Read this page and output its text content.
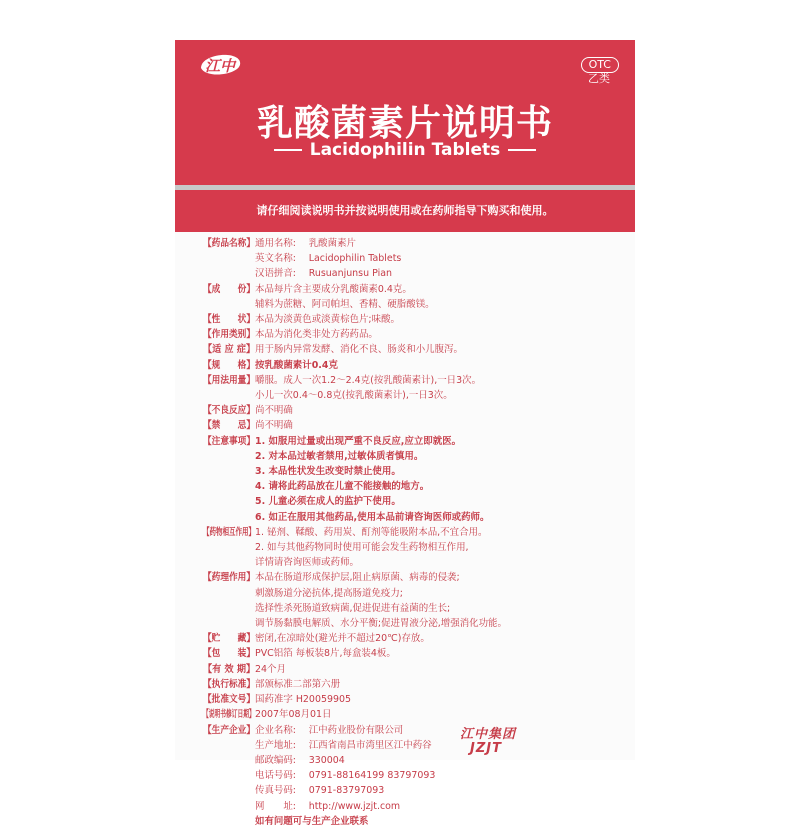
江中	OTC
乙类
乳酸菌素片说明书
Lacidophilin Tablets
请仔细阅读说明书并按说明使用或在药师指导下购买和使用。
【药品名称】 通用名称: 乳酸菌素片
英文名称: Lacidophilin Tablets
汉语拼音: Rusuanjunsu Pian
【成　　份】 本品每片含主要成分乳酸菌素0.4克。
辅料为蔗糖、阿司帕坦、香精、硬脂酸镁。
【性　　状】 本品为淡黄色或淡黄棕色片;味酸。
【作用类别】 本品为消化类非处方药药品。
【适 应 症】 用于肠内异常发酵、消化不良、肠炎和小儿腹泻。
【规　　格】 按乳酸菌素计0.4克
【用法用量】 嚼服。成人一次1.2～2.4克(按乳酸菌素计),一日3次。
小儿一次0.4～0.8克(按乳酸菌素计),一日3次。
【不良反应】 尚不明确
【禁　　忌】 尚不明确
【注意事项】 1. 如服用过量或出现严重不良反应,应立即就医。
2. 对本品过敏者禁用,过敏体质者慎用。
3. 本品性状发生改变时禁止使用。
4. 请将此药品放在儿童不能接触的地方。
5. 儿童必须在成人的监护下使用。
6. 如正在服用其他药品,使用本品前请咨询医师或药师。
【药物相互作用】 1. 铋剂、鞣酸、药用炭、酊剂等能吸附本品,不宜合用。
2. 如与其他药物同时使用可能会发生药物相互作用,
详情请咨询医师或药师。
【药理作用】 本品在肠道形成保护层,阻止病原菌、病毒的侵袭;
刺激肠道分泌抗体,提高肠道免疫力;
选择性杀死肠道致病菌,促进促进有益菌的生长;
调节肠黏膜电解质、水分平衡;促进胃液分泌,增强消化功能。
【贮　　藏】 密闭,在凉暗处(避光并不超过20℃)存放。
【包　　装】 PVC铝箔 每板装8片,每盒装4板。
【有 效 期】 24个月
【执行标准】 部颁标准二部第六册
【批准文号】 国药准字 H20059905
【说明书修订日期】 2007年08月01日
【生产企业】 企业名称: 江中药业股份有限公司
生产地址: 江西省南昌市湾里区江中药谷
邮政编码: 330004
电话号码: 0791-88164199 83797093
传真号码: 0791-83797093
网　　址: http://www.jzjt.com
如有问题可与生产企业联系
江中集团
JZJT
